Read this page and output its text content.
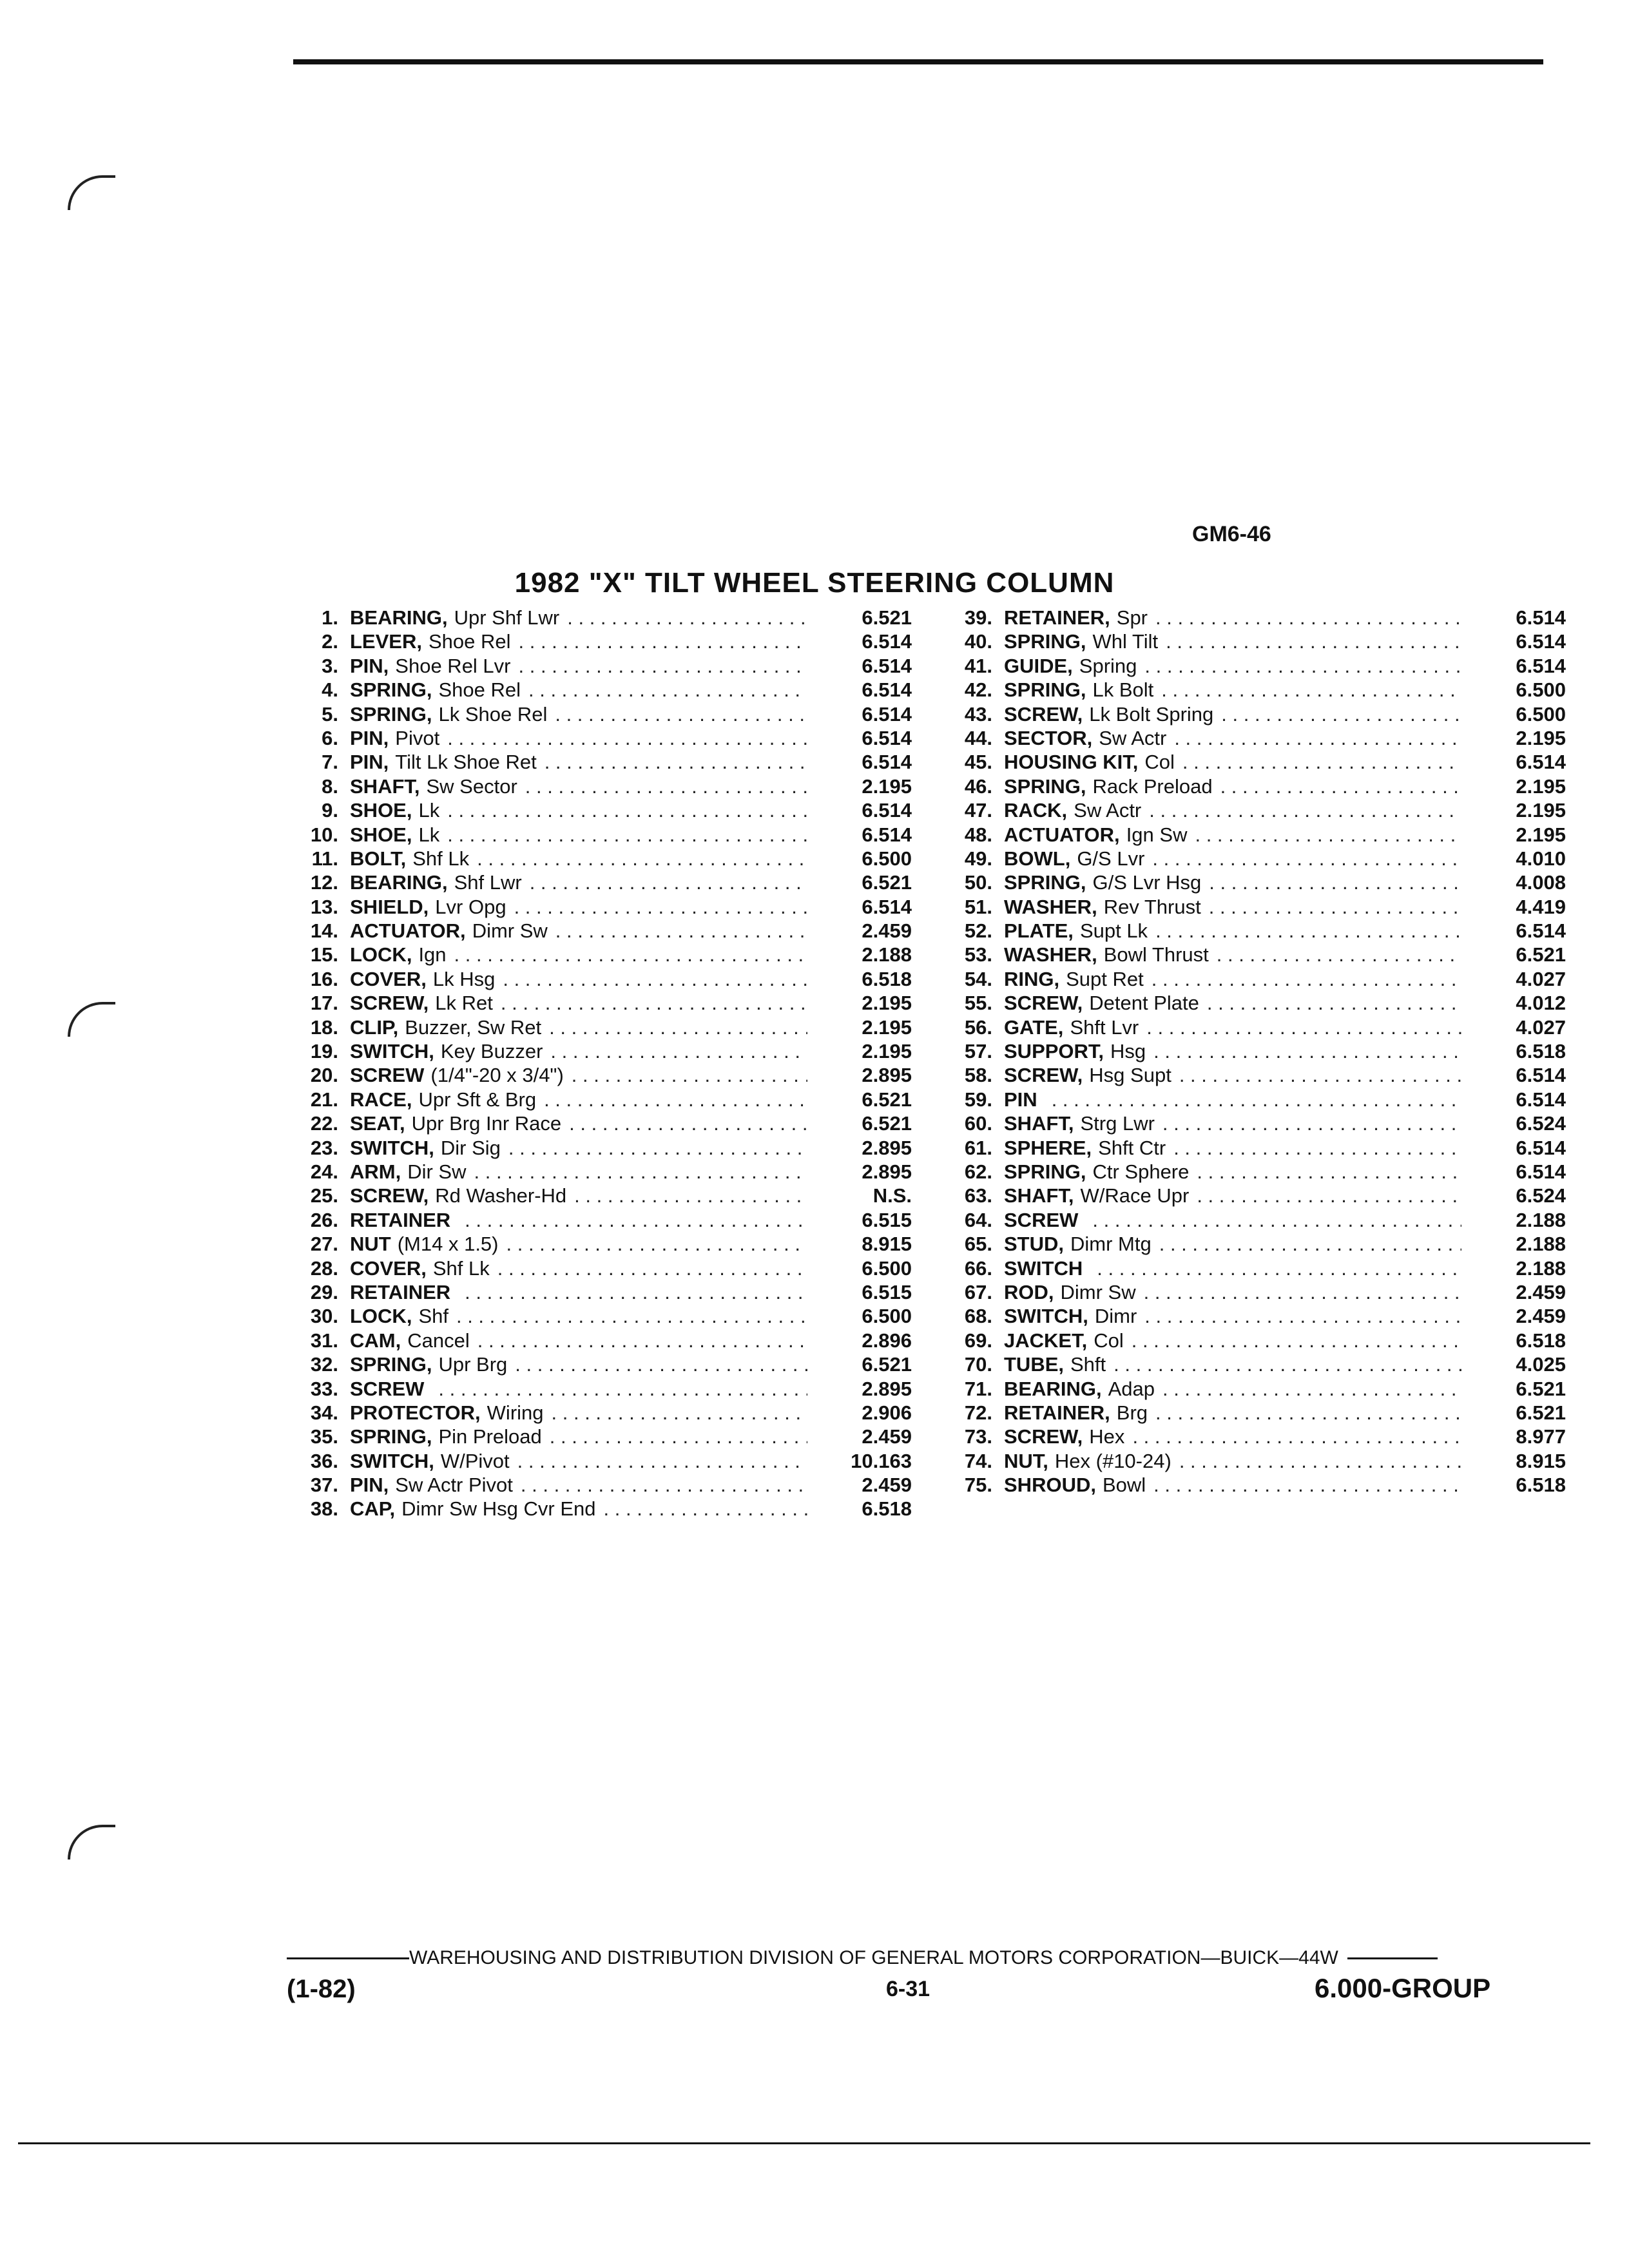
GM6-46
1982 "X" TILT WHEEL STEERING COLUMN
1. BEARING, Upr Shf Lwr . . .	6.521
2. LEVER, Shoe Rel . . .	6.514
3. PIN, Shoe Rel Lvr . . .	6.514
4. SPRING, Shoe Rel . . .	6.514
5. SPRING, Lk Shoe Rel . . .	6.514
6. PIN, Pivot . . .	6.514
7. PIN, Tilt Lk Shoe Ret . . .	6.514
8. SHAFT, Sw Sector . . .	2.195
9. SHOE, Lk . . .	6.514
10. SHOE, Lk . . .	6.514
11. BOLT, Shf Lk . . .	6.500
12. BEARING, Shf Lwr . . .	6.521
13. SHIELD, Lvr Opg . . .	6.514
14. ACTUATOR, Dimr Sw . . .	2.459
15. LOCK, Ign . . .	2.188
16. COVER, Lk Hsg . . .	6.518
17. SCREW, Lk Ret . . .	2.195
18. CLIP, Buzzer, Sw Ret . . .	2.195
19. SWITCH, Key Buzzer . . .	2.195
20. SCREW (1/4"-20 x 3/4") . . .	2.895
21. RACE, Upr Sft & Brg . . .	6.521
22. SEAT, Upr Brg Inr Race . . .	6.521
23. SWITCH, Dir Sig . . .	2.895
24. ARM, Dir Sw . . .	2.895
25. SCREW, Rd Washer-Hd . . .	N.S.
26. RETAINER . . .	6.515
27. NUT (M14 x 1.5) . . .	8.915
28. COVER, Shf Lk . . .	6.500
29. RETAINER . . .	6.515
30. LOCK, Shf . . .	6.500
31. CAM, Cancel . . .	2.896
32. SPRING, Upr Brg . . .	6.521
33. SCREW . . .	2.895
34. PROTECTOR, Wiring . . .	2.906
35. SPRING, Pin Preload . . .	2.459
36. SWITCH, W/Pivot . . .	10.163
37. PIN, Sw Actr Pivot . . .	2.459
38. CAP, Dimr Sw Hsg Cvr End . . .	6.518
39. RETAINER, Spr . . .	6.514
40. SPRING, Whl Tilt . . .	6.514
41. GUIDE, Spring . . .	6.514
42. SPRING, Lk Bolt . . .	6.500
43. SCREW, Lk Bolt Spring . . .	6.500
44. SECTOR, Sw Actr . . .	2.195
45. HOUSING KIT, Col . . .	6.514
46. SPRING, Rack Preload . . .	2.195
47. RACK, Sw Actr . . .	2.195
48. ACTUATOR, Ign Sw . . .	2.195
49. BOWL, G/S Lvr . . .	4.010
50. SPRING, G/S Lvr Hsg . . .	4.008
51. WASHER, Rev Thrust . . .	4.419
52. PLATE, Supt Lk . . .	6.514
53. WASHER, Bowl Thrust . . .	6.521
54. RING, Supt Ret . . .	4.027
55. SCREW, Detent Plate . . .	4.012
56. GATE, Shft Lvr . . .	4.027
57. SUPPORT, Hsg . . .	6.518
58. SCREW, Hsg Supt . . .	6.514
59. PIN . . .	6.514
60. SHAFT, Strg Lwr . . .	6.524
61. SPHERE, Shft Ctr . . .	6.514
62. SPRING, Ctr Sphere . . .	6.514
63. SHAFT, W/Race Upr . . .	6.524
64. SCREW . . .	2.188
65. STUD, Dimr Mtg . . .	2.188
66. SWITCH . . .	2.188
67. ROD, Dimr Sw . . .	2.459
68. SWITCH, Dimr . . .	2.459
69. JACKET, Col . . .	6.518
70. TUBE, Shft . . .	4.025
71. BEARING, Adap . . .	6.521
72. RETAINER, Brg . . .	6.521
73. SCREW, Hex . . .	8.977
74. NUT, Hex (#10-24) . . .	8.915
75. SHROUD, Bowl . . .	6.518
WAREHOUSING AND DISTRIBUTION DIVISION OF GENERAL MOTORS CORPORATION—BUICK—44W
(1-82)	6-31	6.000-GROUP
